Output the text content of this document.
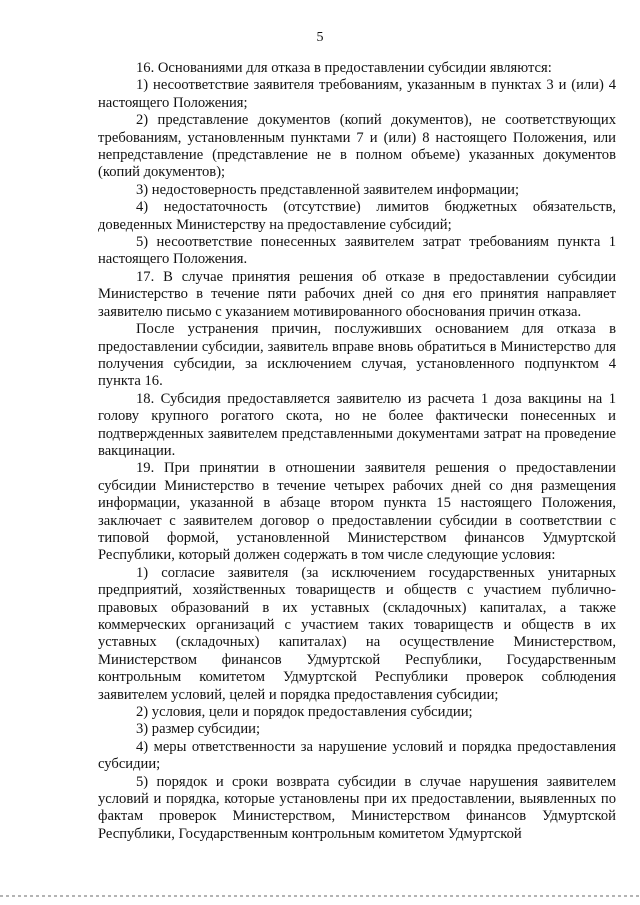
5

16. Основаниями для отказа в предоставлении субсидии являются:

1) несоответствие заявителя требованиям, указанным в пунктах 3 и (или) 4 настоящего Положения;

2) представление документов (копий документов), не соответствующих требованиям, установленным пунктами 7 и (или) 8 настоящего Положения, или непредставление (представление не в полном объеме) указанных документов (копий документов);

3) недостоверность представленной заявителем информации;

4) недостаточность (отсутствие) лимитов бюджетных обязательств, доведенных Министерству на предоставление субсидий;

5) несоответствие понесенных заявителем затрат требованиям пункта 1 настоящего Положения.

17. В случае принятия решения об отказе в предоставлении субсидии Министерство в течение пяти рабочих дней со дня его принятия направляет заявителю письмо с указанием мотивированного обоснования причин отказа.

После устранения причин, послуживших основанием для отказа в предоставлении субсидии, заявитель вправе вновь обратиться в Министерство для получения субсидии, за исключением случая, установленного подпунктом 4 пункта 16.

18. Субсидия предоставляется заявителю из расчета 1 доза вакцины на 1 голову крупного рогатого скота, но не более фактически понесенных и подтвержденных заявителем представленными документами затрат на проведение вакцинации.

19. При принятии в отношении заявителя решения о предоставлении субсидии Министерство в течение четырех рабочих дней со дня размещения информации, указанной в абзаце втором пункта 15 настоящего Положения, заключает с заявителем договор о предоставлении субсидии в соответствии с типовой формой, установленной Министерством финансов Удмуртской Республики, который должен содержать в том числе следующие условия:

1) согласие заявителя (за исключением государственных унитарных предприятий, хозяйственных товариществ и обществ с участием публично-правовых образований в их уставных (складочных) капиталах, а также коммерческих организаций с участием таких товариществ и обществ в их уставных (складочных) капиталах) на осуществление Министерством, Министерством финансов Удмуртской Республики, Государственным контрольным комитетом Удмуртской Республики проверок соблюдения заявителем условий, целей и порядка предоставления субсидии;

2) условия, цели и порядок предоставления субсидии;

3) размер субсидии;

4) меры ответственности за нарушение условий и порядка предоставления субсидии;

5) порядок и сроки возврата субсидии в случае нарушения заявителем условий и порядка, которые установлены при их предоставлении, выявленных по фактам проверок Министерством, Министерством финансов Удмуртской Республики, Государственным контрольным комитетом Удмуртской
